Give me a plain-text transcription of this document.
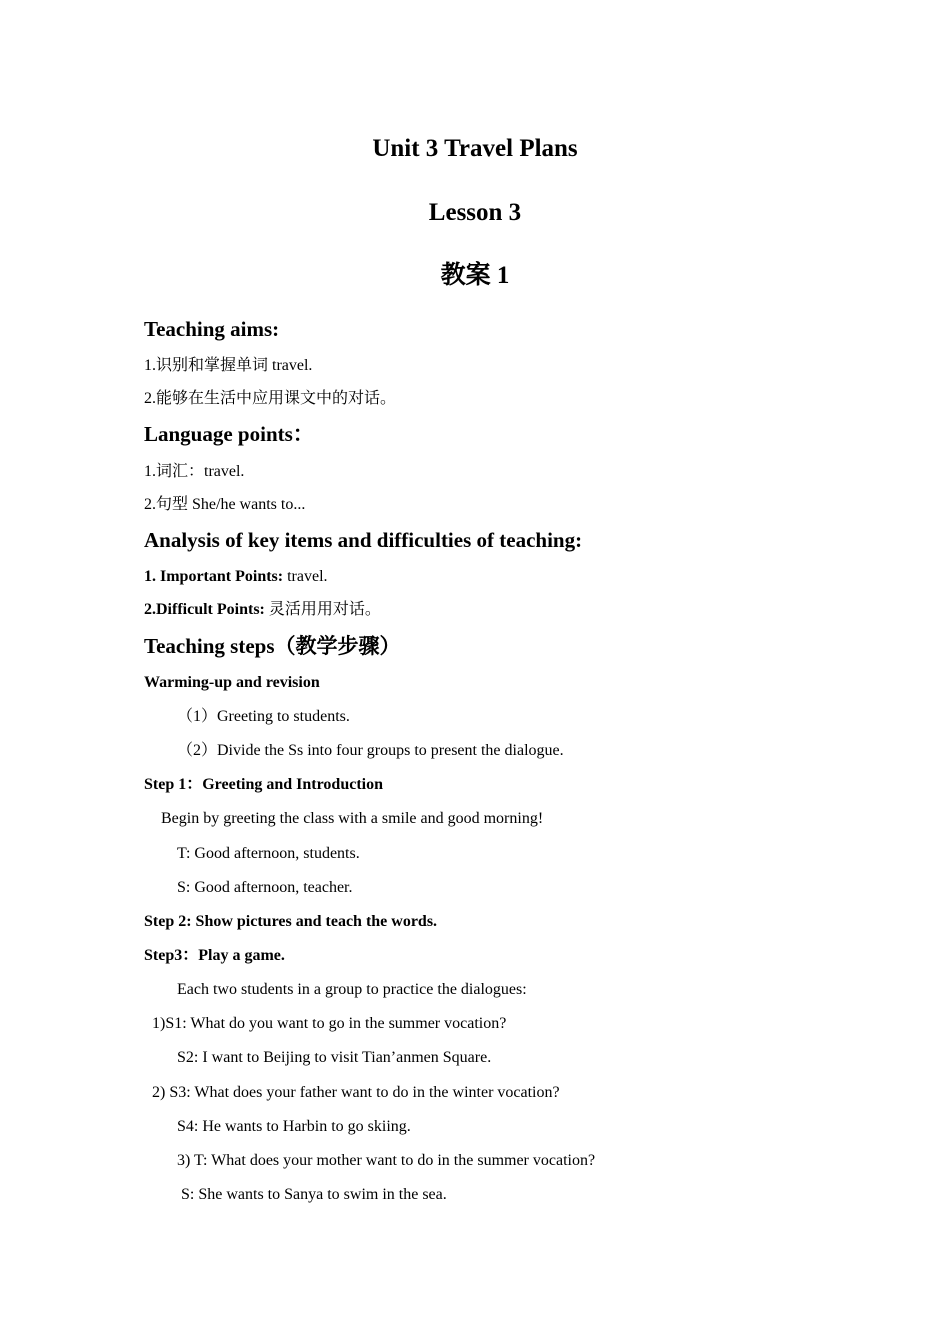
Unit 3 Travel Plans
Lesson 3
教案 1
Teaching aims:
1.识别和掌握单词 travel.
2.能够在生活中应用课文中的对话。
Language points：
1.词汇：travel.
2.句型 She/he wants to...
Analysis of key items and difficulties of teaching:
1. Important Points: travel.
2.Difficult Points: 灵活用用对话。
Teaching steps（教学步骤）
Warming-up and revision
（1）Greeting to students.
（2）Divide the Ss into four groups to present the dialogue.
Step 1：Greeting and Introduction
Begin by greeting the class with a smile and good morning!
T: Good afternoon, students.
S: Good afternoon, teacher.
Step 2: Show pictures and teach the words.
Step3：Play a game.
Each two students in a group to practice the dialogues:
1)S1: What do you want to go in the summer vocation?
S2: I want to Beijing to visit Tian’anmen Square.
2) S3: What does your father want to do in the winter vocation?
S4: He wants to Harbin to go skiing.
3) T: What does your mother want to do in the summer vocation?
S: She wants to Sanya to swim in the sea.
